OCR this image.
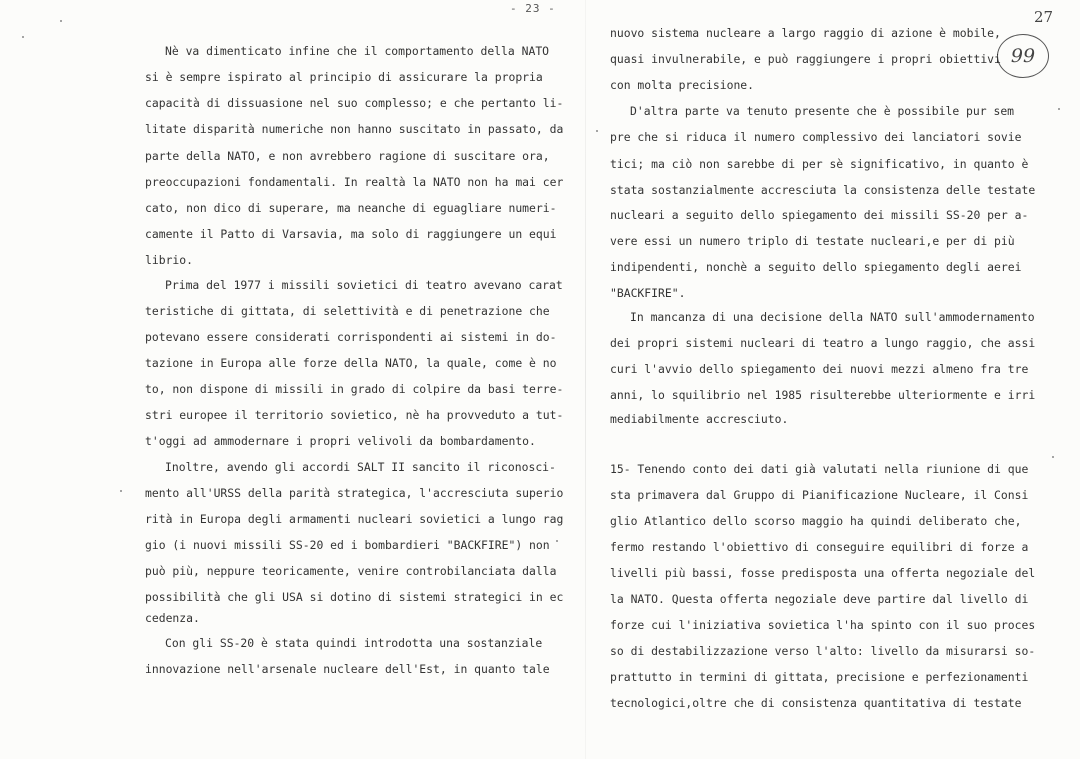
- 23 -	27
99
Nè va dimenticato infine che il comportamento della NATO
si è sempre ispirato al principio di assicurare la propria
capacità di dissuasione nel suo complesso; e che pertanto li-
litate disparità numeriche non hanno suscitato in passato, da
parte della NATO, e non avrebbero ragione di suscitare ora,
preoccupazioni fondamentali. In realtà la NATO non ha mai cer
cato, non dico di superare, ma neanche di eguagliare numeri-
camente il Patto di Varsavia, ma solo di raggiungere un equi
librio.
Prima del 1977 i missili sovietici di teatro avevano carat
teristiche di gittata, di selettività e di penetrazione che
potevano essere considerati corrispondenti ai sistemi in do-
tazione in Europa alle forze della NATO, la quale, come è no
to, non dispone di missili in grado di colpire da basi terre-
stri europee il territorio sovietico, nè ha provveduto a tut-
t'oggi ad ammodernare i propri velivoli da bombardamento.
Inoltre, avendo gli accordi SALT II sancito il riconosci-
mento all'URSS della parità strategica, l'accresciuta superio
rità in Europa degli armamenti nucleari sovietici a lungo rag
gio (i nuovi missili SS-20 ed i bombardieri "BACKFIRE") non
può più, neppure teoricamente, venire controbilanciata dalla
possibilità che gli USA si dotino di sistemi strategici in ec
cedenza.
Con gli SS-20 è stata quindi introdotta una sostanziale
innovazione nell'arsenale nucleare dell'Est, in quanto tale
nuovo sistema nucleare a largo raggio di azione è mobile,
quasi invulnerabile, e può raggiungere i propri obiettivi
con molta precisione.
D'altra parte va tenuto presente che è possibile pur sem
pre che si riduca il numero complessivo dei lanciatori sovie
tici; ma ciò non sarebbe di per sè significativo, in quanto è
stata sostanzialmente accresciuta la consistenza delle testate
nucleari a seguito dello spiegamento dei missili SS-20 per a-
vere essi un numero triplo di testate nucleari,e per di più
indipendenti, nonchè a seguito dello spiegamento degli aerei
"BACKFIRE".
In mancanza di una decisione della NATO sull'ammodernamento
dei propri sistemi nucleari di teatro a lungo raggio, che assi
curi l'avvio dello spiegamento dei nuovi mezzi almeno fra tre
anni, lo squilibrio nel 1985 risulterebbe ulteriormente e irri
mediabilmente accresciuto.
15- Tenendo conto dei dati già valutati nella riunione di que
sta primavera dal Gruppo di Pianificazione Nucleare, il Consi
glio Atlantico dello scorso maggio ha quindi deliberato che,
fermo restando l'obiettivo di conseguire equilibri di forze a
livelli più bassi, fosse predisposta una offerta negoziale del
la NATO. Questa offerta negoziale deve partire dal livello di
forze cui l'iniziativa sovietica l'ha spinto con il suo proces
so di destabilizzazione verso l'alto: livello da misurarsi so-
prattutto in termini di gittata, precisione e perfezionamenti
tecnologici,oltre che di consistenza quantitativa di testate
